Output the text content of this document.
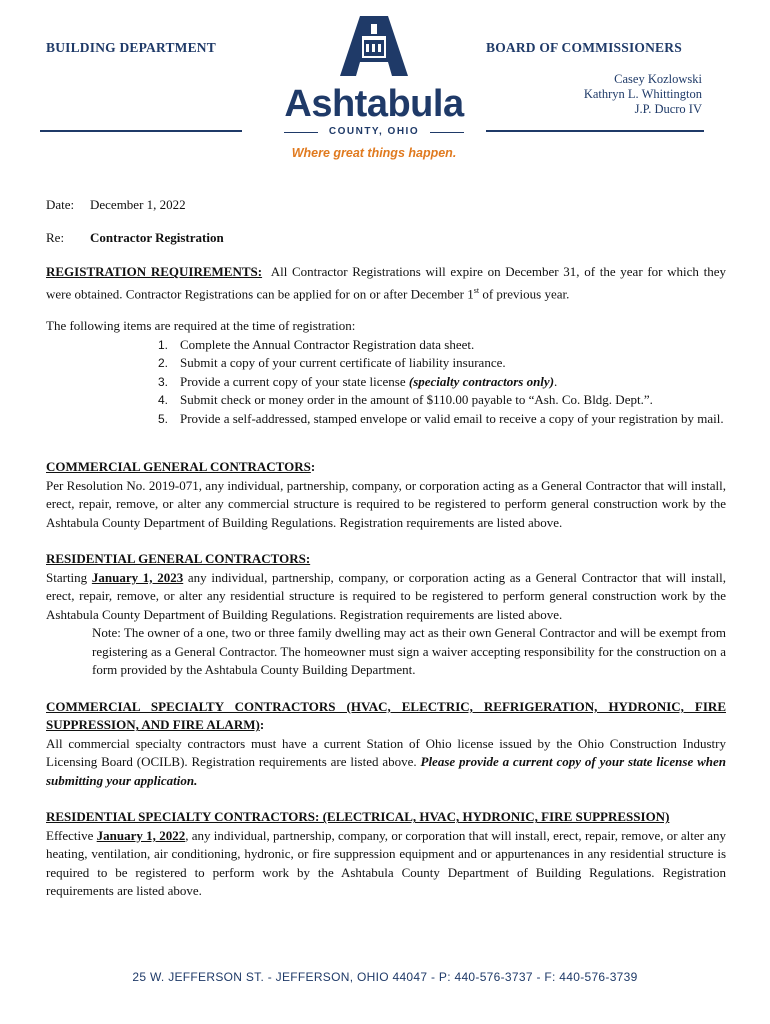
BUILDING DEPARTMENT	BOARD OF COMMISSIONERS
Casey Kozlowski
Kathryn L. Whittington
J.P. Ducro IV
Ashtabula
COUNTY, OHIO
Where great things happen.
Date:	December 1, 2022
Re:	Contractor Registration

REGISTRATION REQUIREMENTS: All Contractor Registrations will expire on December 31, of the year for which they were obtained. Contractor Registrations can be applied for on or after December 1st of previous year.

The following items are required at the time of registration:

1. Complete the Annual Contractor Registration data sheet.
2. Submit a copy of your current certificate of liability insurance.
3. Provide a current copy of your state license (specialty contractors only).
4. Submit check or money order in the amount of $110.00 payable to “Ash. Co. Bldg. Dept.”.
5. Provide a self-addressed, stamped envelope or valid email to receive a copy of your registration by mail.

COMMERCIAL GENERAL CONTRACTORS:
Per Resolution No. 2019-071, any individual, partnership, company, or corporation acting as a General Contractor that will install, erect, repair, remove, or alter any commercial structure is required to be registered to perform general construction work by the Ashtabula County Department of Building Regulations. Registration requirements are listed above.

RESIDENTIAL GENERAL CONTRACTORS:
Starting January 1, 2023 any individual, partnership, company, or corporation acting as a General Contractor that will install, erect, repair, remove, or alter any residential structure is required to be registered to perform general construction work by the Ashtabula County Department of Building Regulations. Registration requirements are listed above.

Note: The owner of a one, two or three family dwelling may act as their own General Contractor and will be exempt from registering as a General Contractor. The homeowner must sign a waiver accepting responsibility for the construction on a form provided by the Ashtabula County Building Department.

COMMERCIAL SPECIALTY CONTRACTORS (HVAC, ELECTRIC, REFRIGERATION, HYDRONIC, FIRE SUPPRESSION, AND FIRE ALARM):
All commercial specialty contractors must have a current Station of Ohio license issued by the Ohio Construction Industry Licensing Board (OCILB). Registration requirements are listed above. Please provide a current copy of your state license when submitting your application.

RESIDENTIAL SPECIALTY CONTRACTORS: (ELECTRICAL, HVAC, HYDRONIC, FIRE SUPPRESSION)
Effective January 1, 2022, any individual, partnership, company, or corporation that will install, erect, repair, remove, or alter any heating, ventilation, air conditioning, hydronic, or fire suppression equipment and or appurtenances in any residential structure is required to be registered to perform work by the Ashtabula County Department of Building Regulations. Registration requirements are listed above.

25 W. JEFFERSON ST. - JEFFERSON, OHIO 44047 - P: 440-576-3737 - F: 440-576-3739
